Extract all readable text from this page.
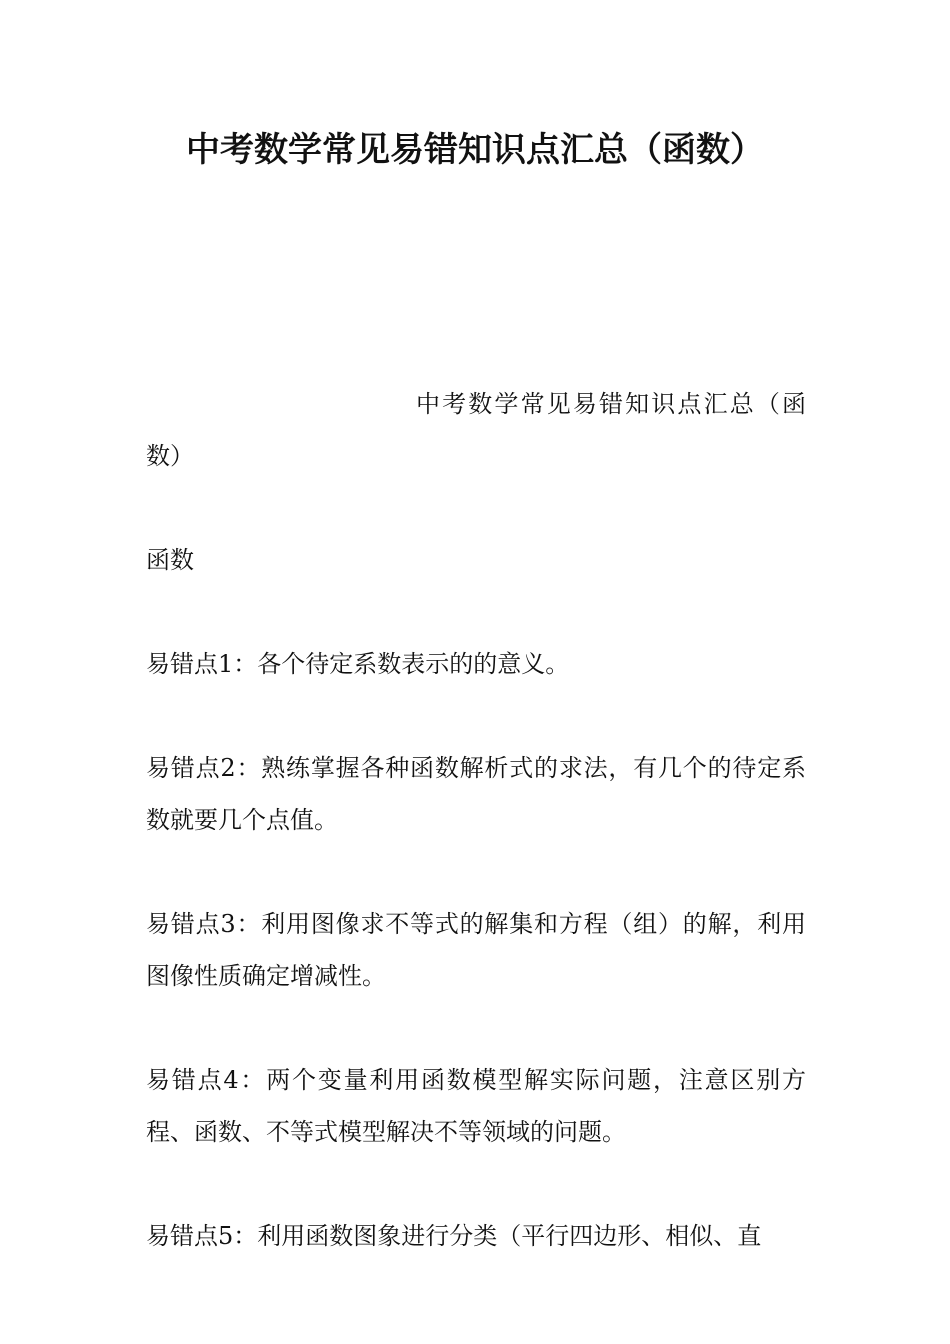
中考数学常见易错知识点汇总（函数）

中考数学常见易错知识点汇总（函数）

函数

易错点1：各个待定系数表示的的意义。

易错点2：熟练掌握各种函数解析式的求法，有几个的待定系数就要几个点值。

易错点3：利用图像求不等式的解集和方程（组）的解，利用图像性质确定增减性。

易错点4：两个变量利用函数模型解实际问题，注意区别方程、函数、不等式模型解决不等领域的问题。

易错点5：利用函数图象进行分类（平行四边形、相似、直
